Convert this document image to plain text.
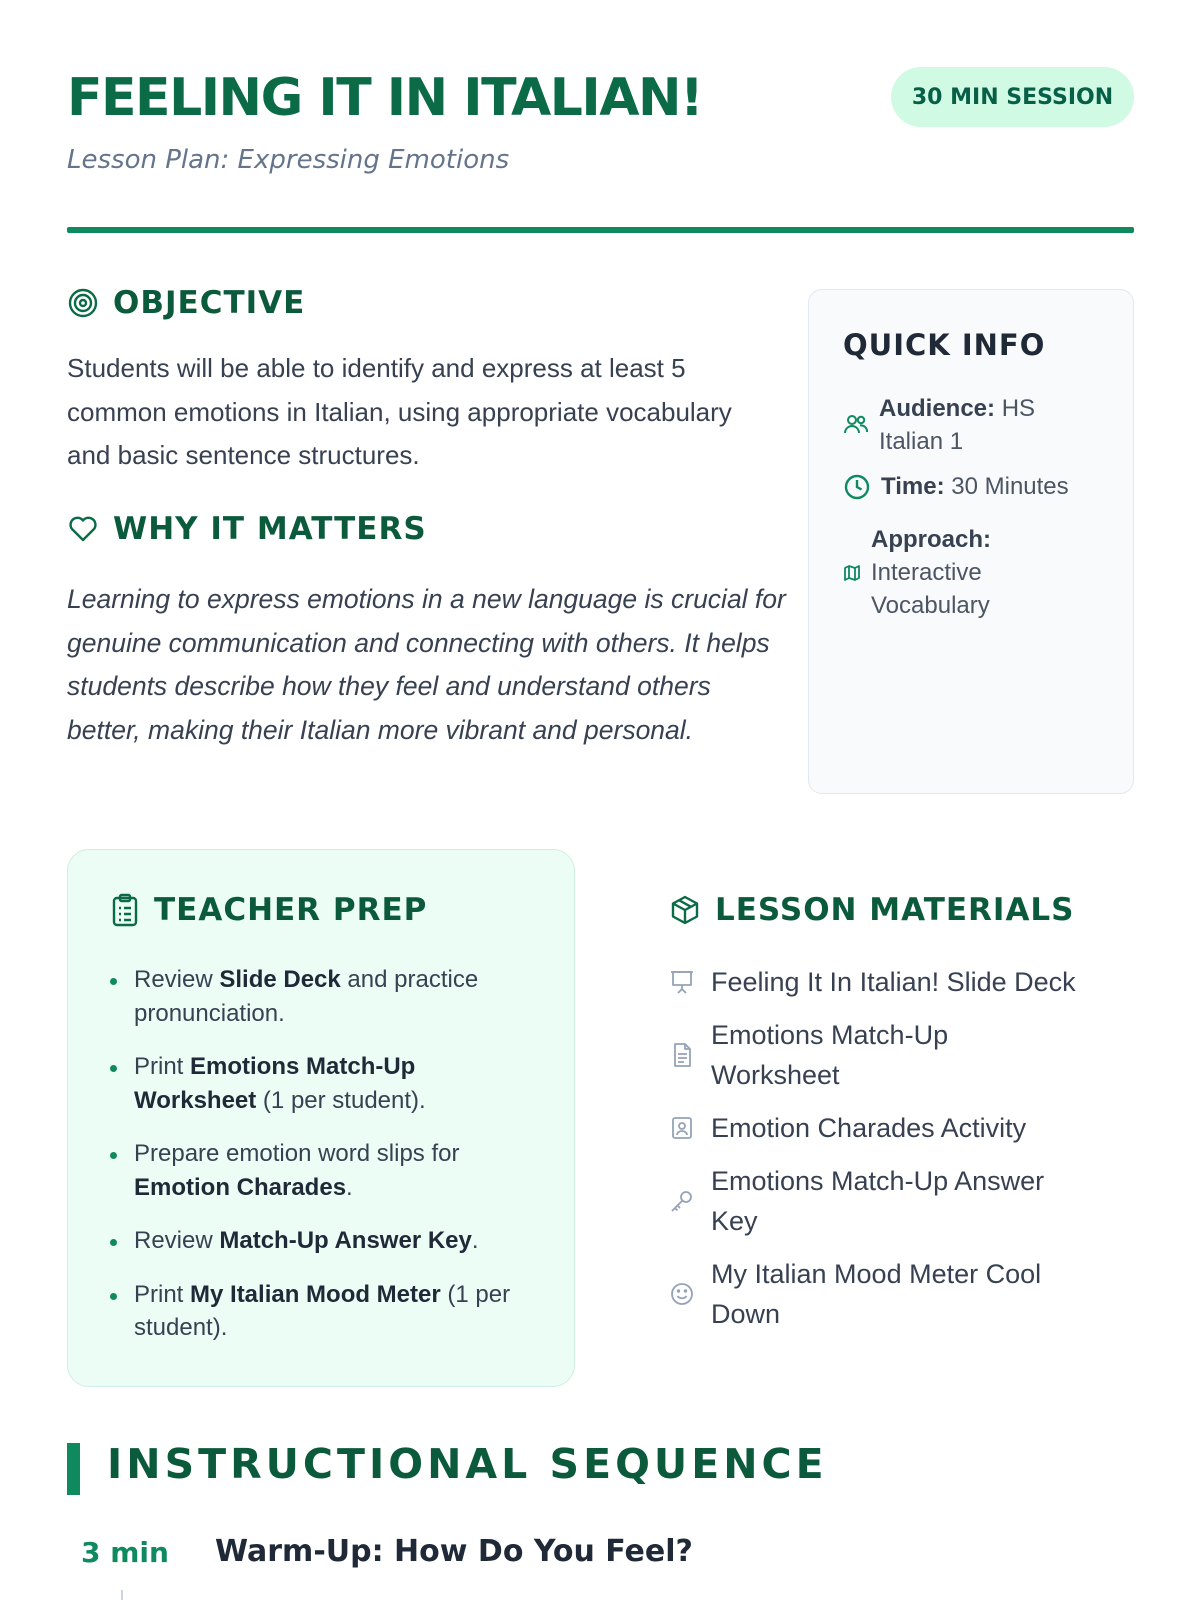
FEELING IT IN ITALIAN!
Lesson Plan: Expressing Emotions
30 MIN SESSION
OBJECTIVE

Students will be able to identify and express at least 5 common emotions in Italian, using appropriate vocabulary and basic sentence structures.

WHY IT MATTERS

Learning to express emotions in a new language is crucial for genuine communication and connecting with others. It helps students describe how they feel and understand others better, making their Italian more vibrant and personal.

QUICK INFO
Audience: HS Italian 1
Time: 30 Minutes
Approach: Interactive Vocabulary
TEACHER PREP
Review Slide Deck and practice pronunciation.
Print Emotions Match-Up Worksheet (1 per student).
Prepare emotion word slips for Emotion Charades.
Review Match-Up Answer Key.
Print My Italian Mood Meter (1 per student).
LESSON MATERIALS
Feeling It In Italian! Slide Deck
Emotions Match-Up Worksheet
Emotion Charades Activity
Emotions Match-Up Answer Key
My Italian Mood Meter Cool Down
INSTRUCTIONAL SEQUENCE
3 min Warm-Up: How Do You Feel?
